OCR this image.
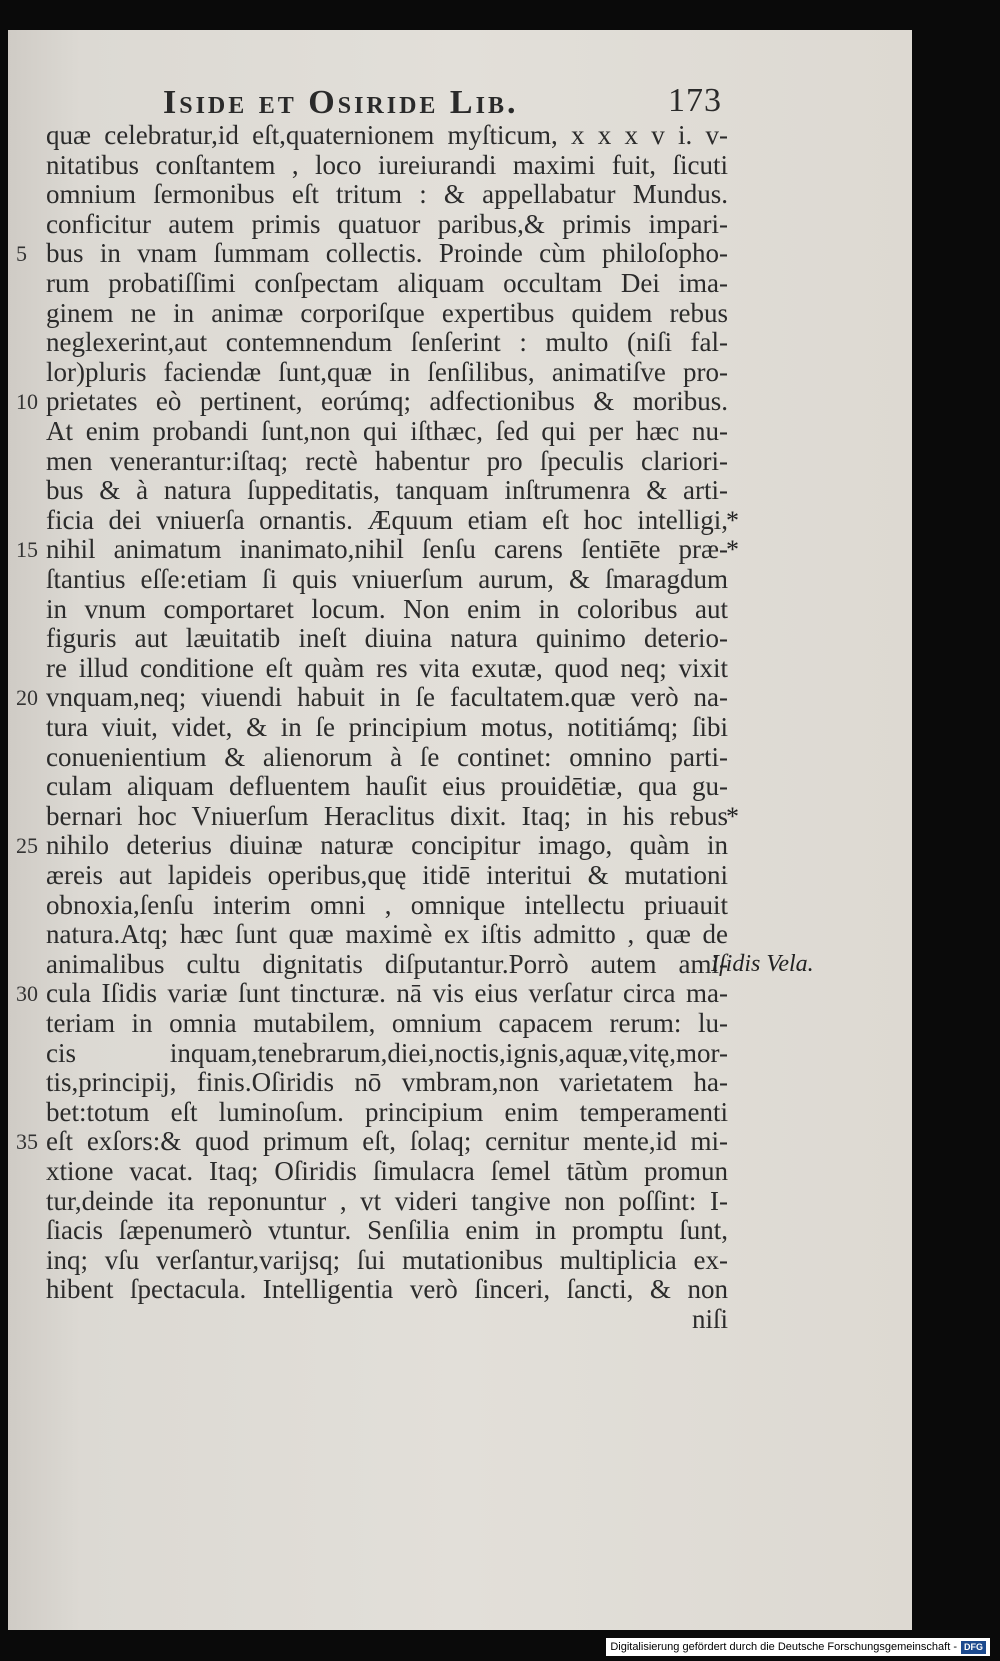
Iside et Osiride Lib.	173
quæ celebratur,id eſt,quaternionem myſticum, x x x v i. v-
nitatibus conſtantem , loco iureiurandi maximi fuit, ſicuti
omnium ſermonibus eſt tritum : & appellabatur Mundus.
conficitur autem primis quatuor paribus,& primis impari-
5 bus in vnam ſummam collectis. Proinde cùm philoſopho-
rum probatiſſimi conſpectam aliquam occultam Dei ima-
ginem ne in animæ corporiſque expertibus quidem rebus
neglexerint,aut contemnendum ſenſerint : multo (niſi fal-
lor)pluris faciendæ ſunt,quæ in ſenſilibus, animatiſve pro-
10 prietates eò pertinent, eorúmq; adfectionibus & moribus.
At enim probandi ſunt,non qui iſthæc, ſed qui per hæc nu-
men venerantur:iſtaq; rectè habentur pro ſpeculis clariori-
bus & à natura ſuppeditatis, tanquam inſtrumenra & arti-
ficia dei vniuerſa ornantis. Æquum etiam eſt hoc intelligi,
*
15 nihil animatum inanimato,nihil ſenſu carens ſentiēte præ-
*
ſtantius eſſe:etiam ſi quis vniuerſum aurum, & ſmaragdum
in vnum comportaret locum. Non enim in coloribus aut
figuris aut læuitatib ineſt diuina natura quinimo deterio-
re illud conditione eſt quàm res vita exutæ, quod neq; vixit
20 vnquam,neq; viuendi habuit in ſe facultatem.quæ verò na-
tura viuit, videt, & in ſe principium motus, notitiámq; ſibi
conuenientium & alienorum à ſe continet: omnino parti-
culam aliquam defluentem hauſit eius prouidētiæ, qua gu-
bernari hoc Vniuerſum Heraclitus dixit. Itaq; in his rebus
*
25 nihilo deterius diuinæ naturæ concipitur imago, quàm in
æreis aut lapideis operibus,quę itidē interitui & mutationi
obnoxia,ſenſu interim omni , omnique intellectu priuauit
natura.Atq; hæc ſunt quæ maximè ex iſtis admitto , quæ de
animalibus cultu dignitatis diſputantur.Porrò autem ami-
Iſidis Vela.
30 cula Iſidis variæ ſunt tincturæ. nā vis eius verſatur circa ma-
teriam in omnia mutabilem, omnium capacem rerum: lu-
cis inquam,tenebrarum,diei,noctis,ignis,aquæ,vitę,mor-
tis,principij, finis.Oſiridis nō vmbram,non varietatem ha-
bet:totum eſt luminoſum. principium enim temperamenti
35 eſt exſors:& quod primum eſt, ſolaq; cernitur mente,id mi-
xtione vacat. Itaq; Oſiridis ſimulacra ſemel tātùm promun
tur,deinde ita reponuntur , vt videri tangive non poſſint: I-
ſiacis ſæpenumerò vtuntur. Senſilia enim in promptu ſunt,
inq; vſu verſantur,varijsq; ſui mutationibus multiplicia ex-
hibent ſpectacula. Intelligentia verò ſinceri, ſancti, & non
niſi
Digitalisierung gefördert durch die Deutsche Forschungsgemeinschaft - DFG
